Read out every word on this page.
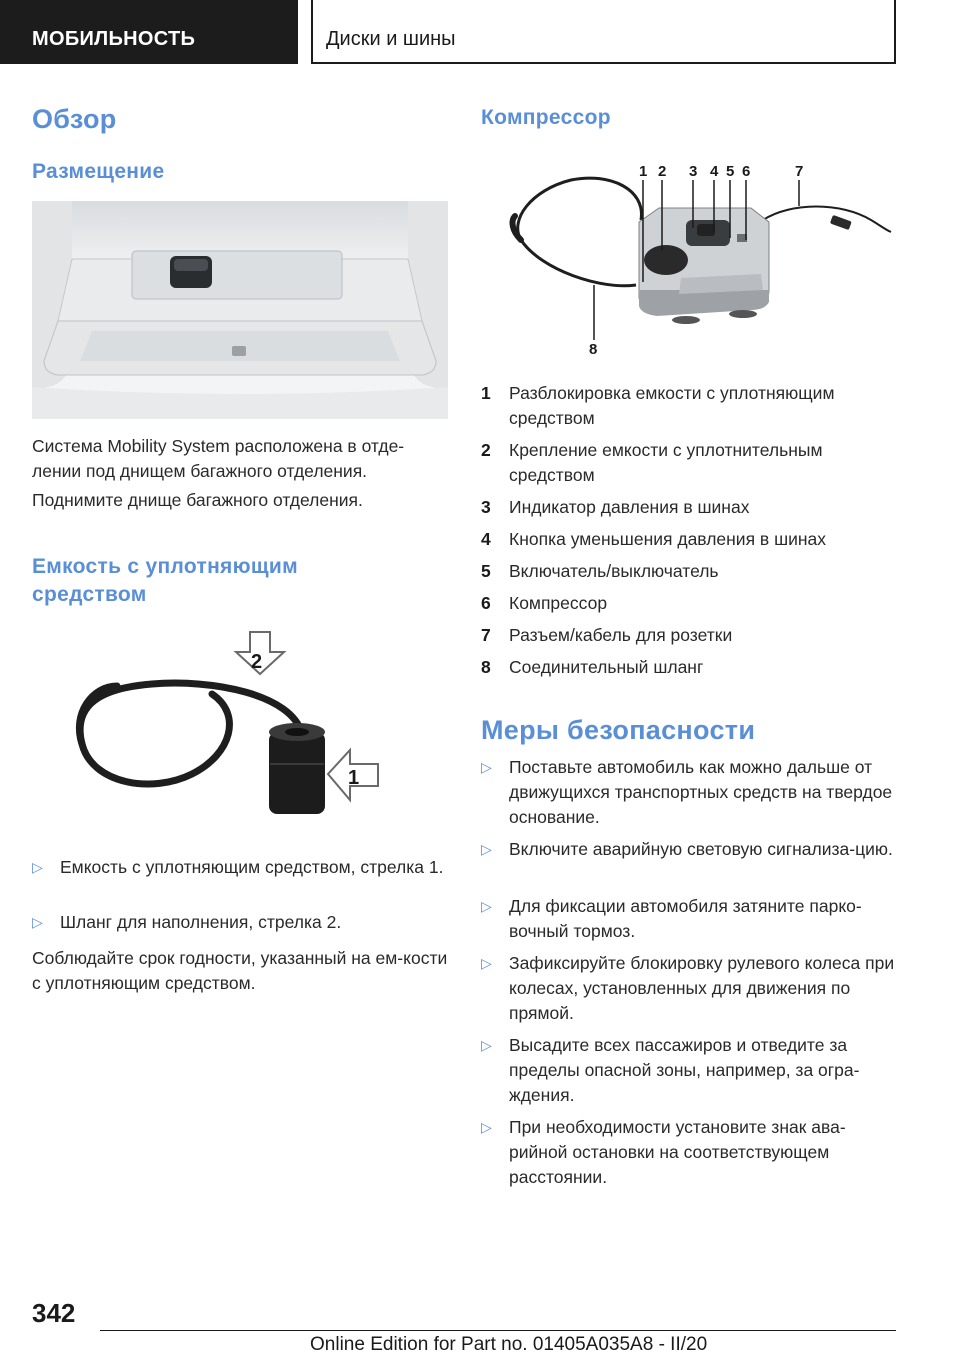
МОБИЛЬНОСТЬ	Диски и шины
Обзор
Размещение
Система Mobility System расположена в отде-лении под днищем багажного отделения.
Поднимите днище багажного отделения.
Емкость с уплотняющим средством
2
1
▷ Емкость с уплотняющим средством, стрелка 1.
▷ Шланг для наполнения, стрелка 2.
Соблюдайте срок годности, указанный на ем-кости с уплотняющим средством.
Компрессор
1 2 3 4 5 6	7
8
1 Разблокировка емкости с уплотняющим средством
2 Крепление емкости с уплотнительным средством
3 Индикатор давления в шинах
4 Кнопка уменьшения давления в шинах
5 Включатель/выключатель
6 Компрессор
7 Разъем/кабель для розетки
8 Соединительный шланг
Меры безопасности
▷ Поставьте автомобиль как можно дальше от движущихся транспортных средств на твердое основание.
▷ Включите аварийную световую сигнализа-цию.
▷ Для фиксации автомобиля затяните парко-вочный тормоз.
▷ Зафиксируйте блокировку рулевого колеса при колесах, установленных для движения по прямой.
▷ Высадите всех пассажиров и отведите за пределы опасной зоны, например, за огра-ждения.
▷ При необходимости установите знак ава-рийной остановки на соответствующем расстоянии.
342
Online Edition for Part no. 01405A035A8 - II/20
